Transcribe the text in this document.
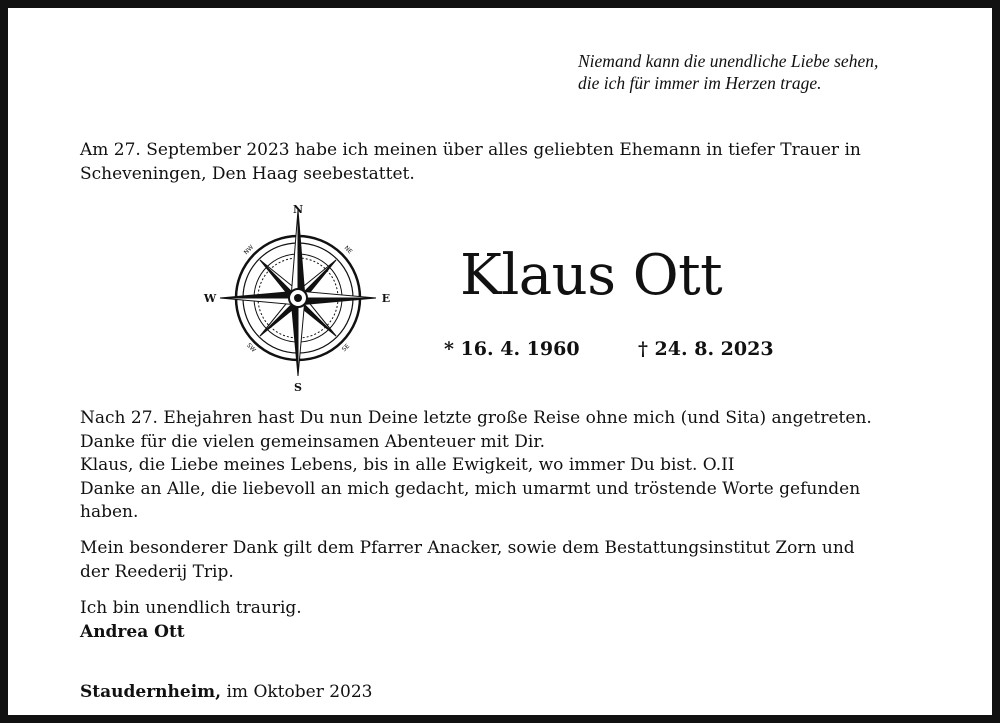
Niemand kann die unendliche Liebe sehen,
die ich für immer im Herzen trage.
Am 27. September 2023 habe ich meinen über alles geliebten Ehemann in tiefer Trauer in
Scheveningen, Den Haag seebestattet.
N
S
W	E
NW	NE
SW	SE
Klaus Ott
* 16. 4. 1960	† 24. 8. 2023
Nach 27. Ehejahren hast Du nun Deine letzte große Reise ohne mich (und Sita) angetreten.
Danke für die vielen gemeinsamen Abenteuer mit Dir.
Klaus, die Liebe meines Lebens, bis in alle Ewigkeit, wo immer Du bist. O.II
Danke an Alle, die liebevoll an mich gedacht, mich umarmt und tröstende Worte gefunden
haben.
Mein besonderer Dank gilt dem Pfarrer Anacker, sowie dem Bestattungsinstitut Zorn und
der Reederij Trip.
Ich bin unendlich traurig.
Andrea Ott
Staudernheim, im Oktober 2023
